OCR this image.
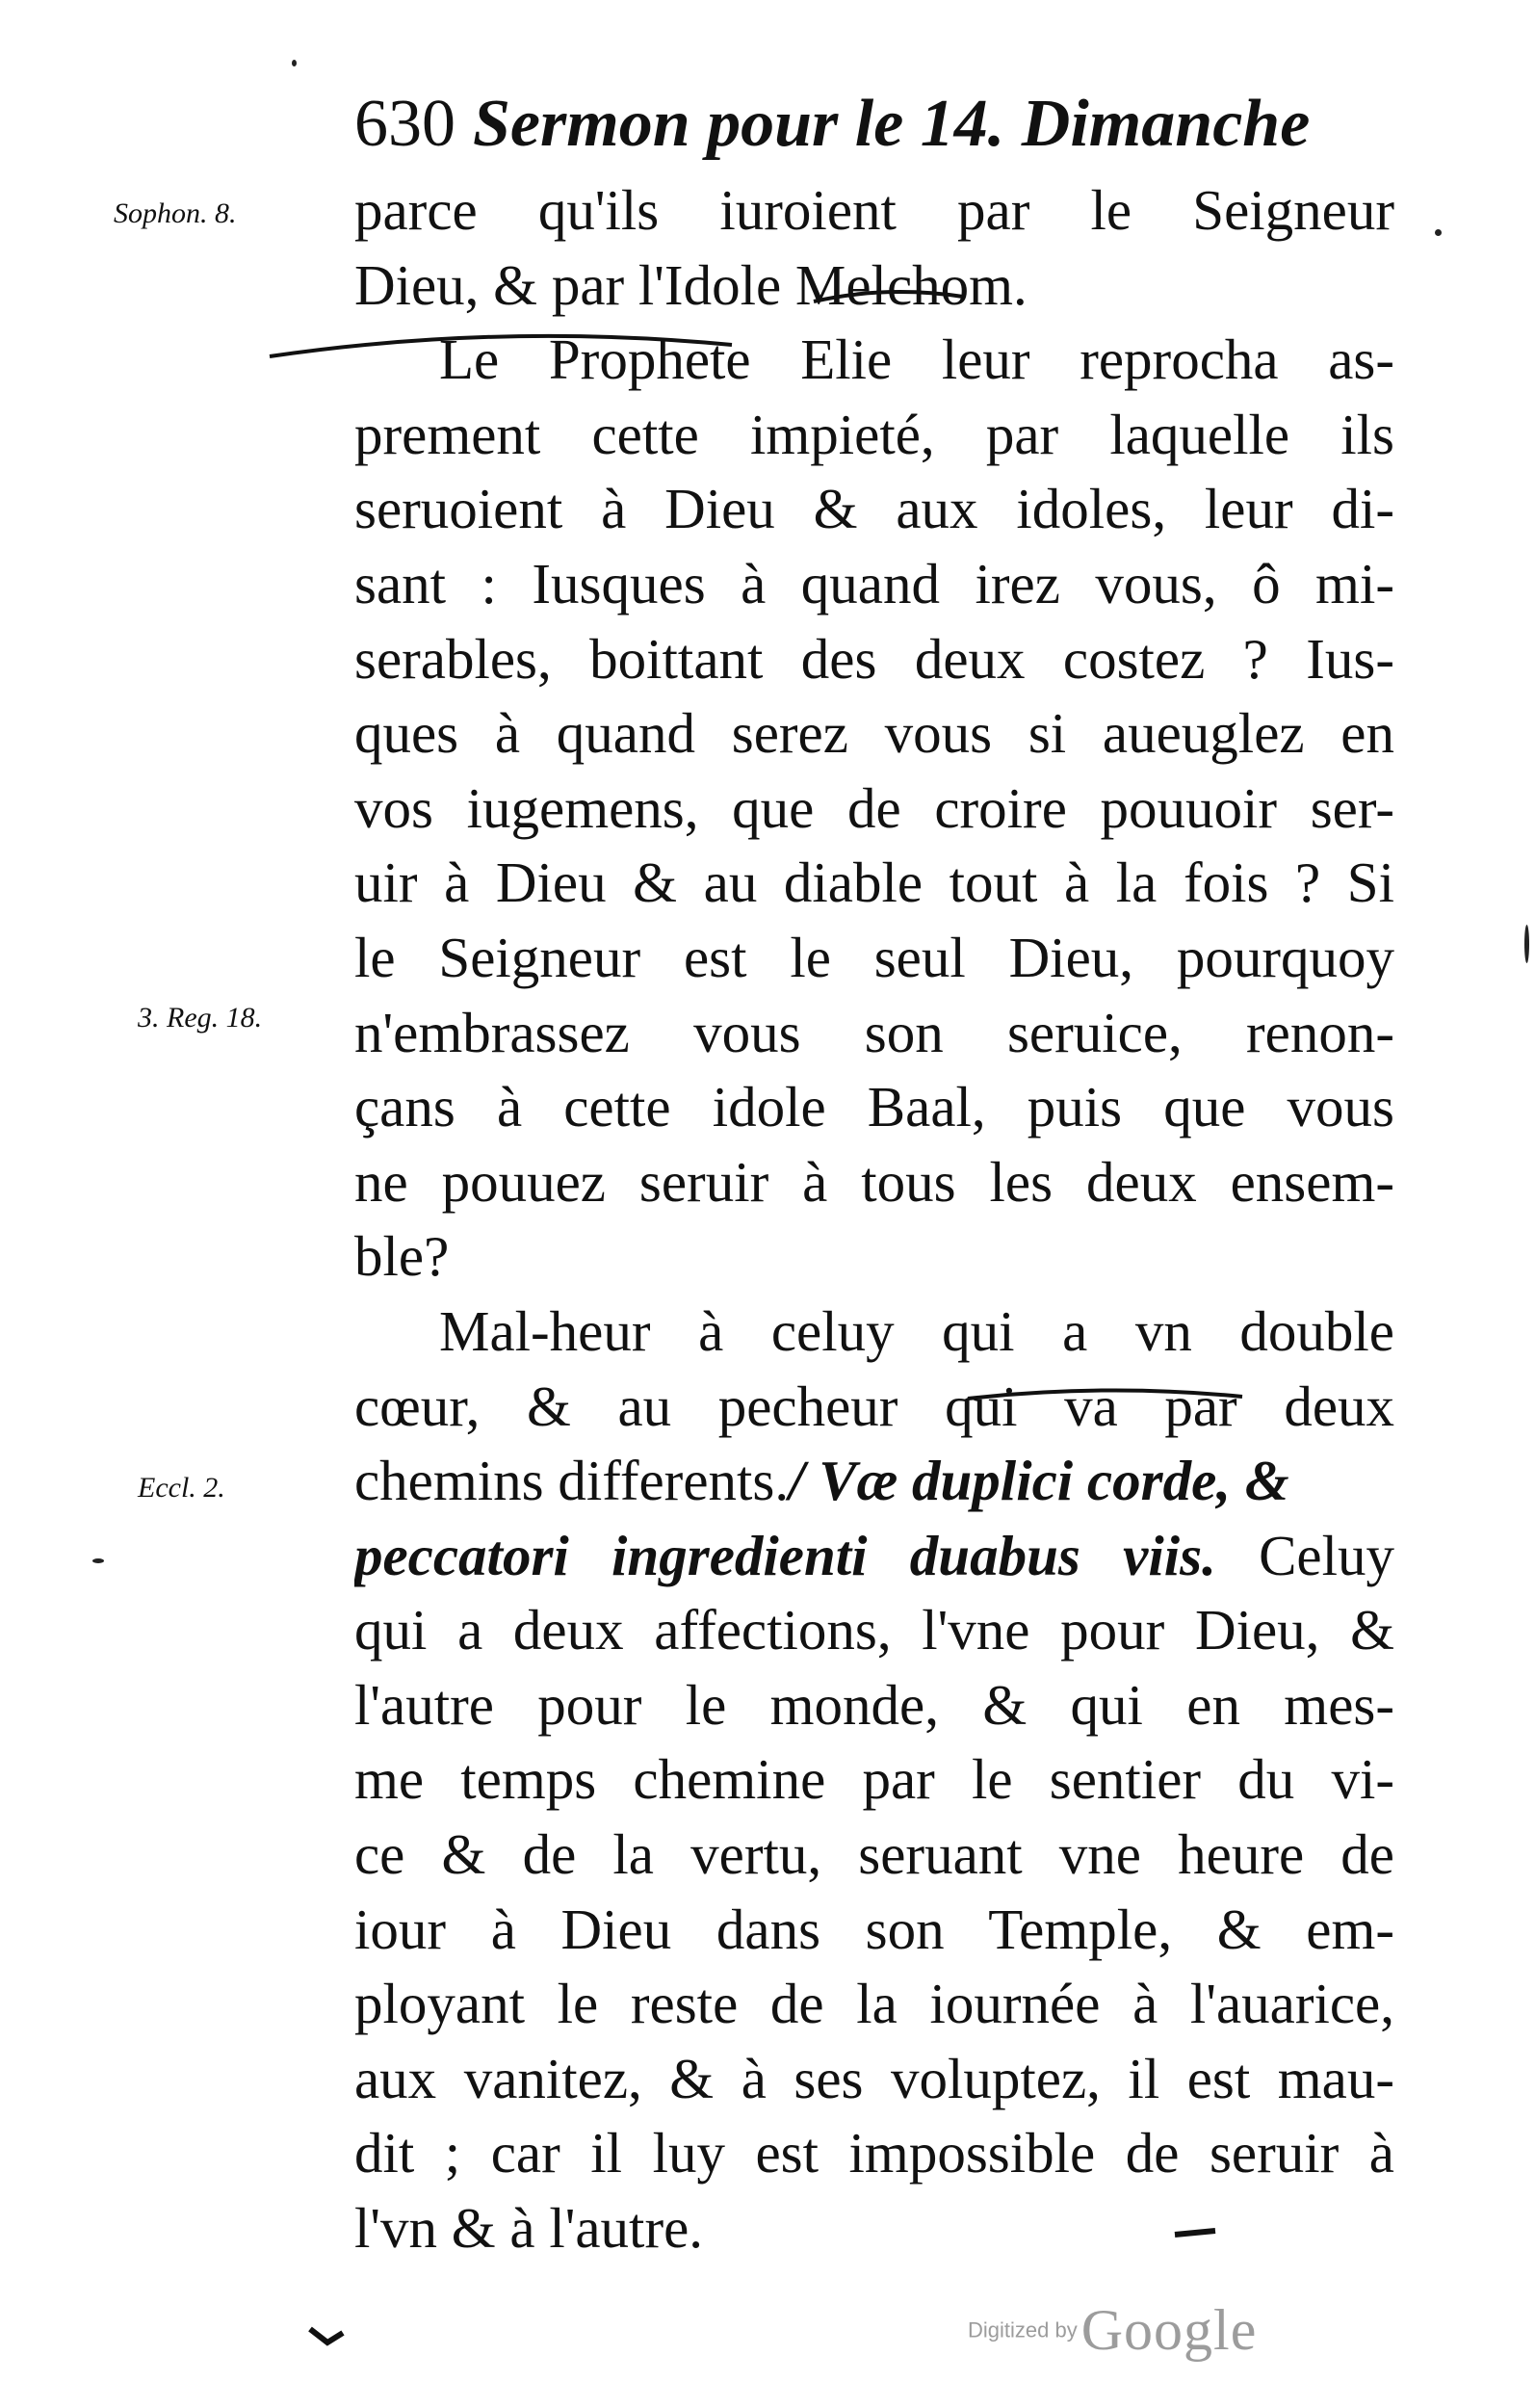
630 Sermon pour le 14. Dimanche
Sophon. 8.
3. Reg. 18.
Eccl. 2.
parce qu'ils iuroient par le Seigneur
Dieu, & par l'Idole Melchom.
Le Prophete Elie leur reprocha as-
prement cette impieté, par laquelle ils
seruoient à Dieu & aux idoles, leur di-
sant : Iusques à quand irez vous, ô mi-
serables, boittant des deux costez ? Ius-
ques à quand serez vous si aueuglez en
vos iugemens, que de croire pouuoir ser-
uir à Dieu & au diable tout à la fois ? Si
le Seigneur est le seul Dieu, pourquoy
n'embrassez vous son seruice, renon-
çans à cette idole Baal, puis que vous
ne pouuez seruir à tous les deux ensem-
ble?
Mal-heur à celuy qui a vn double
cœur, & au pecheur qui va par deux
chemins differents./ Væ duplici corde, &
peccatori ingredienti duabus viis. Celuy
qui a deux affections, l'vne pour Dieu, &
l'autre pour le monde, & qui en mes-
me temps chemine par le sentier du vi-
ce & de la vertu, seruant vne heure de
iour à Dieu dans son Temple, & em-
ployant le reste de la iournée à l'auarice,
aux vanitez, & à ses voluptez, il est mau-
dit ; car il luy est impossible de seruir à
l'vn & à l'autre.
Digitized by Google
